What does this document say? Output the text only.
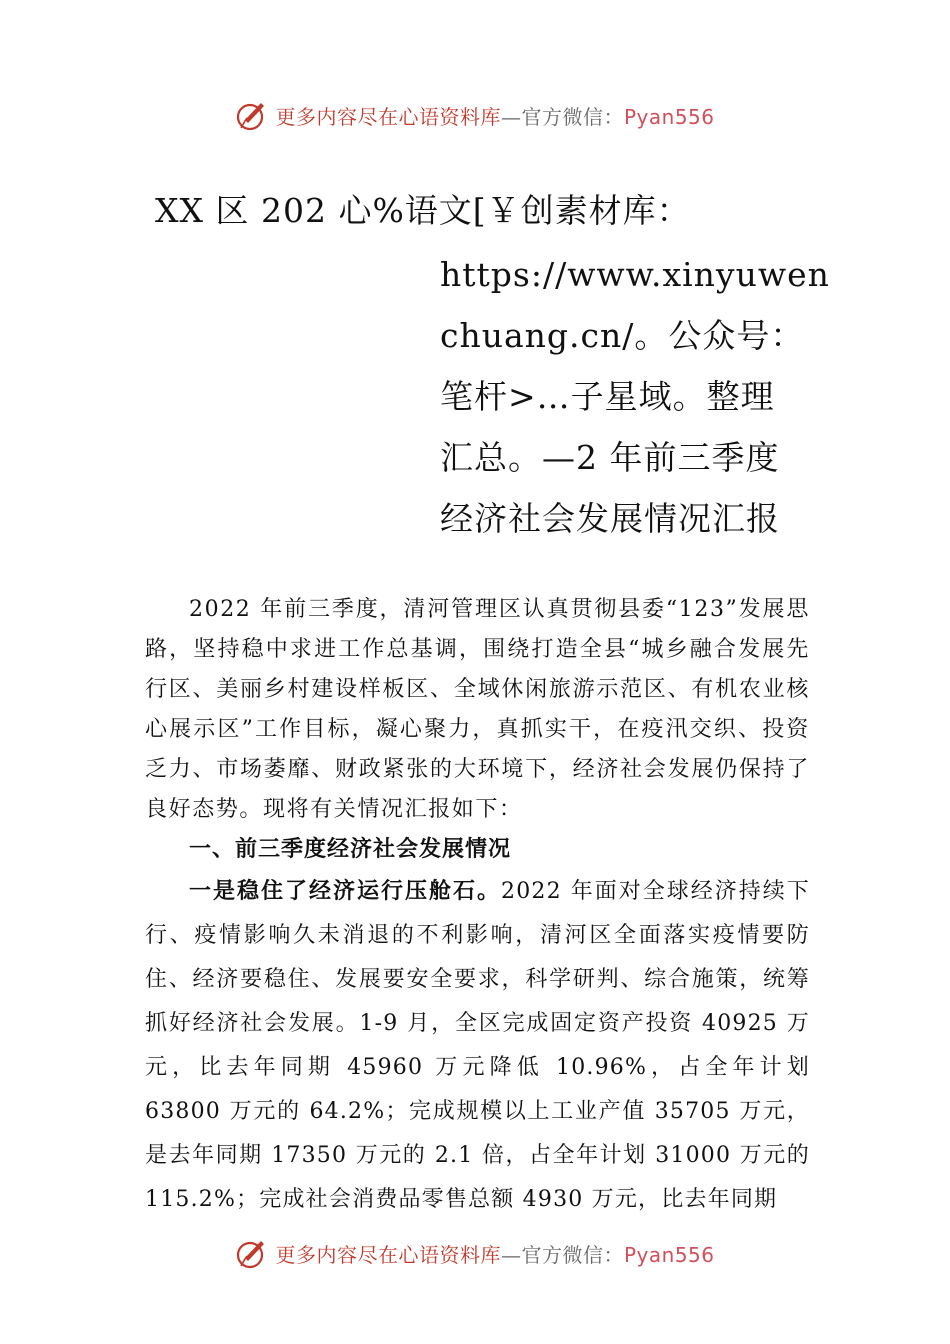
更多内容尽在心语资料库—官方微信：Pyan556
XX 区 202 心%语文[￥创素材库：
https://www.xinyuwen
chuang.cn/。公众号：
笔杆>…子星域。整理
汇总。—2 年前三季度
经济社会发展情况汇报

2022 年前三季度，清河管理区认真贯彻县委“123”发展思路，坚持稳中求进工作总基调，围绕打造全县“城乡融合发展先行区、美丽乡村建设样板区、全域休闲旅游示范区、有机农业核心展示区”工作目标，凝心聚力，真抓实干，在疫汛交织、投资乏力、市场萎靡、财政紧张的大环境下，经济社会发展仍保持了良好态势。现将有关情况汇报如下：

一、前三季度经济社会发展情况

一是稳住了经济运行压舱石。2022 年面对全球经济持续下行、疫情影响久未消退的不利影响，清河区全面落实疫情要防住、经济要稳住、发展要安全要求，科学研判、综合施策，统筹抓好经济社会发展。1-9 月，全区完成固定资产投资 40925 万元，比去年同期 45960 万元降低 10.96%，占全年计划 63800 万元的 64.2%；完成规模以上工业产值 35705 万元，是去年同期 17350 万元的 2.1 倍，占全年计划 31000 万元的 115.2%；完成社会消费品零售总额 4930 万元，比去年同期

更多内容尽在心语资料库—官方微信：Pyan556
